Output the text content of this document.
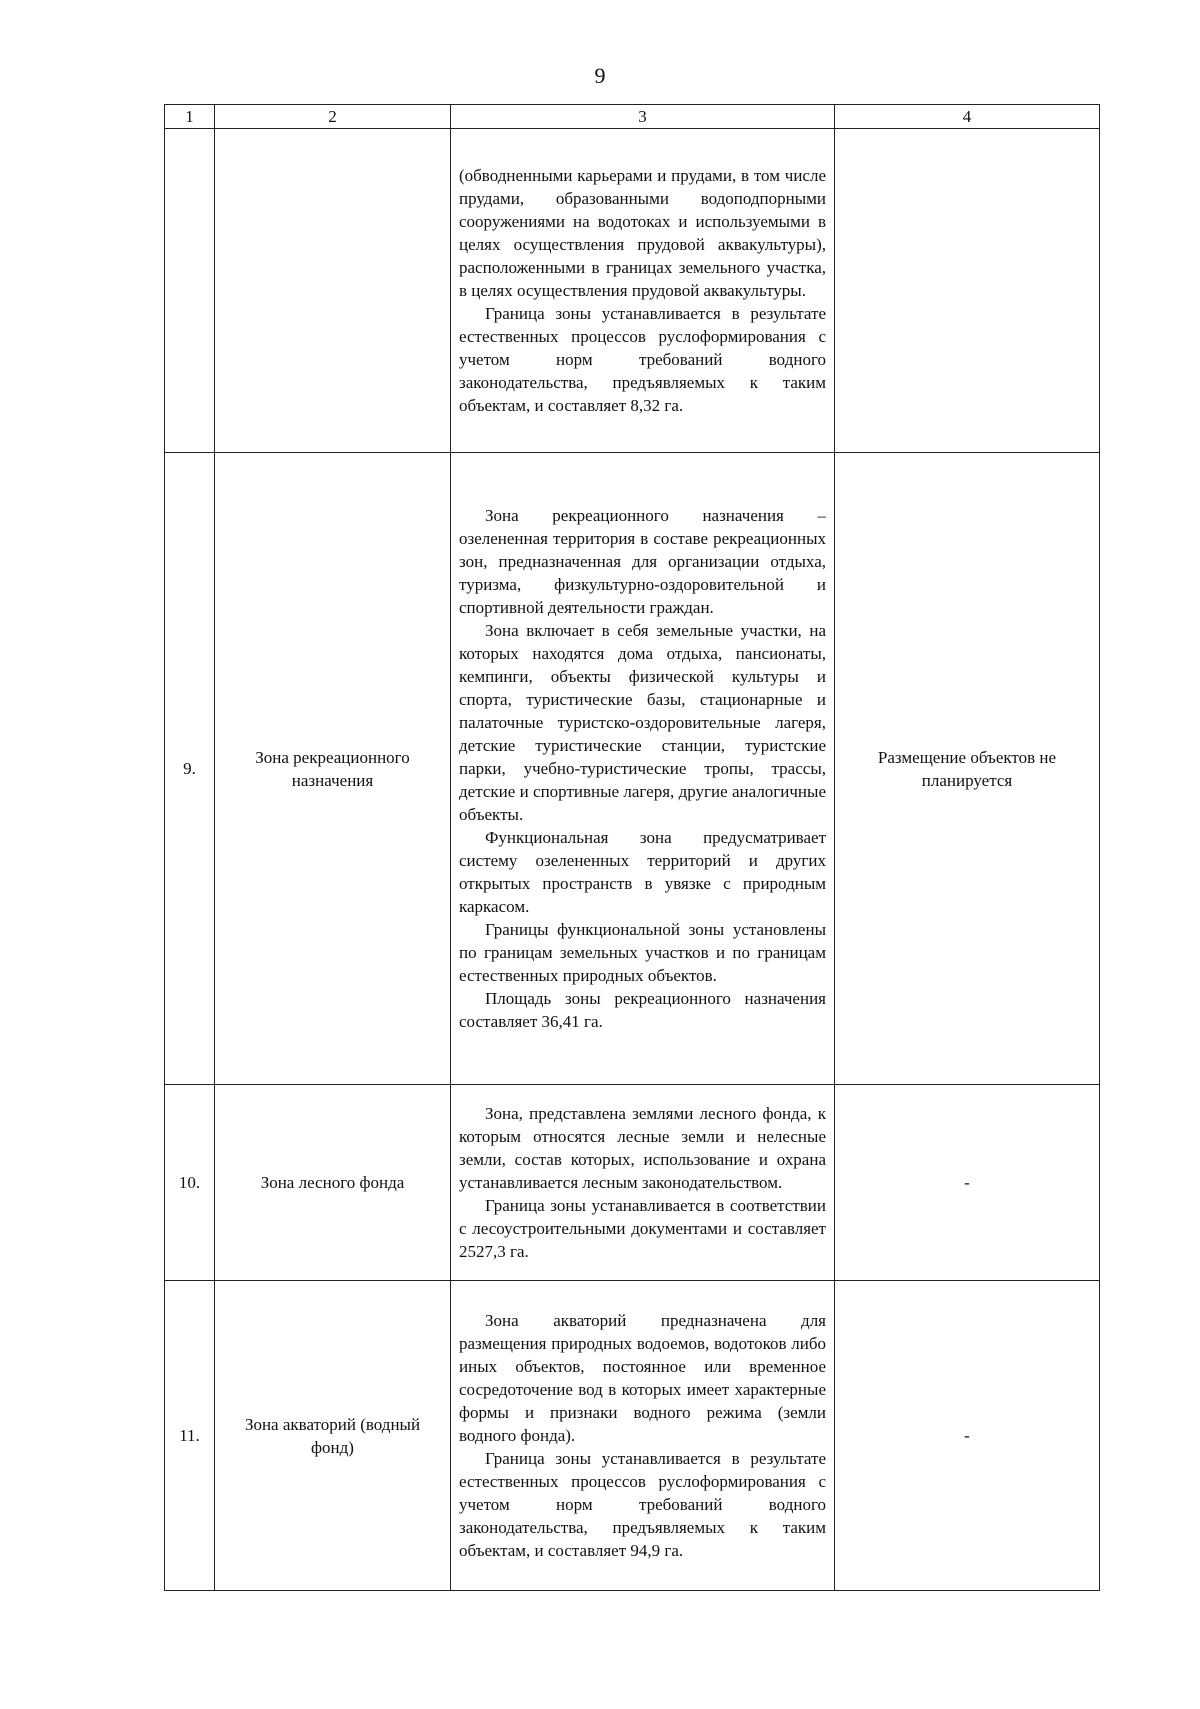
9
1	2	3	4

		(обводненными карьерами и прудами, в том числе прудами, образованными водоподпорными сооружениями на водотоках и используемыми в целях осуществления прудовой аквакультуры), расположенными в границах земельного участка, в целях осуществления прудовой аквакультуры.

Граница зоны устанавливается в результате естественных процессов руслоформирования с учетом норм требований водного законодательства, предъявляемых к таким объектам, и составляет 8,32 га.	

9.	Зона рекреационного назначения	Зона рекреационного назначения – озелененная территория в составе рекреационных зон, предназначенная для организации отдыха, туризма, физкультурно-оздоровительной и спортивной деятельности граждан.

Зона включает в себя земельные участки, на которых находятся дома отдыха, пансионаты, кемпинги, объекты физической культуры и спорта, туристические базы, стационарные и палаточные туристско-оздоровительные лагеря, детские туристические станции, туристские парки, учебно-туристические тропы, трассы, детские и спортивные лагеря, другие аналогичные объекты.

Функциональная зона предусматривает систему озелененных территорий и других открытых пространств в увязке с природным каркасом.

Границы функциональной зоны установлены по границам земельных участков и по границам естественных природных объектов.

Площадь зоны рекреационного назначения составляет 36,41 га.	Размещение объектов не планируется
10.	Зона лесного фонда	Зона, представлена землями лесного фонда, к которым относятся лесные земли и нелесные земли, состав которых, использование и охрана устанавливается лесным законодательством.

Граница зоны устанавливается в соответствии с лесоустроительными документами и составляет 2527,3 га.	-
11.	Зона акваторий (водный фонд)	Зона акваторий предназначена для размещения природных водоемов, водотоков либо иных объектов, постоянное или временное сосредоточение вод в которых имеет характерные формы и признаки водного режима (земли водного фонда).

Граница зоны устанавливается в результате естественных процессов руслоформирования с учетом норм требований водного законодательства, предъявляемых к таким объектам, и составляет 94,9 га.	-
